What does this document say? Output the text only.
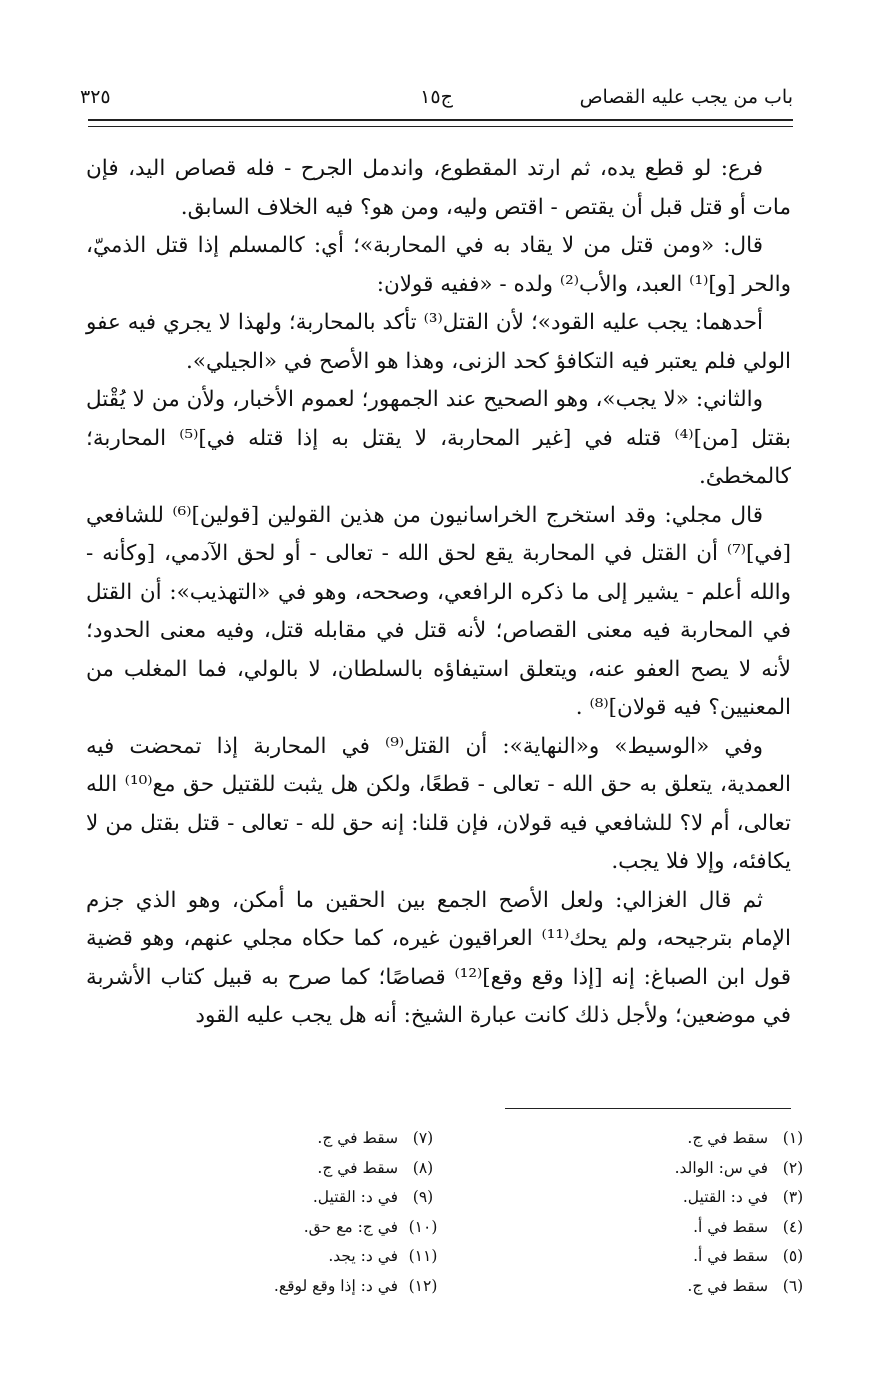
باب من يجب عليه القصاص
ج١٥
٣٢٥

فرع: لو قطع يده، ثم ارتد المقطوع، واندمل الجرح - فله قصاص اليد، فإن مات أو قتل قبل أن يقتص - اقتص وليه، ومن هو؟ فيه الخلاف السابق.

قال: «ومن قتل من لا يقاد به في المحاربة»؛ أي: كالمسلم إذا قتل الذميّ، والحر [و]⁽¹⁾ العبد، والأب⁽²⁾ ولده - «ففيه قولان:

أحدهما: يجب عليه القود»؛ لأن القتل⁽³⁾ تأكد بالمحاربة؛ ولهذا لا يجري فيه عفو الولي فلم يعتبر فيه التكافؤ كحد الزنى، وهذا هو الأصح في «الجيلي».

والثاني: «لا يجب»، وهو الصحيح عند الجمهور؛ لعموم الأخبار، ولأن من لا يُقْتل بقتل [من]⁽⁴⁾ قتله في [غير المحاربة، لا يقتل به إذا قتله في]⁽⁵⁾ المحاربة؛ كالمخطئ.

قال مجلي: وقد استخرج الخراسانيون من هذين القولين [قولين]⁽⁶⁾ للشافعي [في]⁽⁷⁾ أن القتل في المحاربة يقع لحق الله - تعالى - أو لحق الآدمي، [وكأنه - والله أعلم - يشير إلى ما ذكره الرافعي، وصححه، وهو في «التهذيب»: أن القتل في المحاربة فيه معنى القصاص؛ لأنه قتل في مقابله قتل، وفيه معنى الحدود؛ لأنه لا يصح العفو عنه، ويتعلق استيفاؤه بالسلطان، لا بالولي، فما المغلب من المعنيين؟ فيه قولان]⁽⁸⁾ .

وفي «الوسيط» و«النهاية»: أن القتل⁽⁹⁾ في المحاربة إذا تمحضت فيه العمدية، يتعلق به حق الله - تعالى - قطعًا، ولكن هل يثبت للقتيل حق مع⁽¹⁰⁾ الله تعالى، أم لا؟ للشافعي فيه قولان، فإن قلنا: إنه حق لله - تعالى - قتل بقتل من لا يكافئه، وإلا فلا يجب.

ثم قال الغزالي: ولعل الأصح الجمع بين الحقين ما أمكن، وهو الذي جزم الإمام بترجيحه، ولم يحك⁽¹¹⁾ العراقيون غيره، كما حكاه مجلي عنهم، وهو قضية قول ابن الصباغ: إنه [إذا وقع وقع]⁽¹²⁾ قصاصًا؛ كما صرح به قبيل كتاب الأشربة في موضعين؛ ولأجل ذلك كانت عبارة الشيخ: أنه هل يجب عليه القود

(١) سقط في ج.
(٢) في س: الوالد.
(٣) في د: القتيل.
(٤) سقط في أ.
(٥) سقط في أ.
(٦) سقط في ج.
(٧) سقط في ج.
(٨) سقط في ج.
(٩) في د: القتيل.
(١٠) في ج: مع حق.
(١١) في د: يجد.
(١٢) في د: إذا وقع لوقع.
